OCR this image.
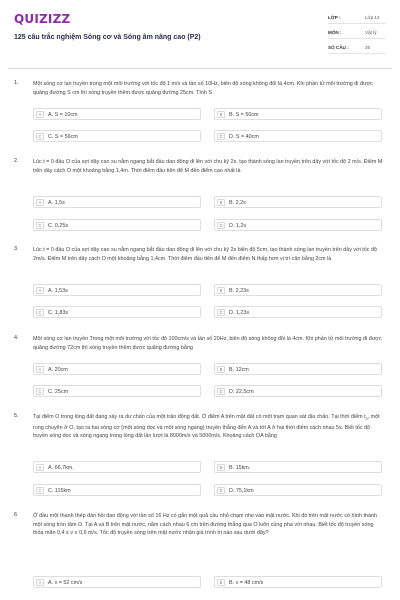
QUIZIZZ
125 câu trắc nghiệm Sóng cơ và Sóng âm nâng cao (P2)
LỚP :	Lớp 12
MÔN :	Vật lý
SỐ CÂU :	25
1.	Một sóng cơ lan truyền trong một môi trường với tốc độ 1 m/s và tần số 10Hz, biên độ sóng không đổi là 4cm. Khi phần tử môi trường đi được quãng đường S cm thì sóng truyền thêm được quãng đường 25cm. Tính S
A	A. S = 10cm	B	B. S = 50cm
C	C. S = 56cm	D	D. S = 40cm
2.	Lúc t = 0 đầu O của sợi dây cao su nằm ngang bắt đầu dao động đi lên với chu kỳ 2s, tạo thành sóng lan truyền trên dây với tốc độ 2 m/s. Điểm M trên dây cách O một khoảng bằng 1,4m. Thời điểm đầu tiên để M đến điểm cao nhất là
A	A. 1,5s	B	B. 2,2s
C	C. 0,25s	D	D. 1,2s
3.	Lúc t = 0 đầu O của sợi dây cao su nằm ngang bắt đầu dao động đi lên với chu kỳ 2s biên độ 5cm, tạo thành sóng lan truyền trên dây với tốc độ 2m/s. Điểm M trên dây cách O một khoảng bằng 1,4cm. Thời điểm đầu tiên để M đến điểm N thấp hơn vị trí cân bằng 2cm là
A	A. 1,53s	B	B. 2,23s
C	C. 1,83s	D	D. 1,23s
4.	Một sóng cơ lan truyền Trong một môi trường với tốc độ 100cm/s và tần số 20Hz, biên độ sóng không đổi là 4cm. Khi phần tử môi trường đi được quãng đường 72cm thì sóng truyền thêm được quãng đường bằng
A	A. 20cm	B	B. 12cm
C	C. 25cm	D	D. 22,5cm
5.	Tại điểm O trong lòng đất đang xảy ra dư chấn của một trận động đất. Ở điểm A trên mặt đất có một trạm quan sát địa chấn. Tại thời điểm $t_0$, một rung chuyển ở O, tạo ra hai sóng cơ (một sóng dọc và một sóng ngang) truyền thẳng đến A và tới A ở hai thời điểm cách nhau 5s. Biết tốc độ truyền sóng dọc và sóng ngang trong lòng đất lần lượt là 8000m/s và 5000m/s. Khoảng cách OA bằng
A	A. 66,7km.	B	B. 15km.
C	C. 115km	D	D. 75,1km
6.	Ở đầu một thanh thép đàn hồi dao động với tần số 16 Hz có gắn một quả cầu nhỏ chạm nhẹ vào mặt nước. Khi đó trên mặt nước có hình thành một sóng tròn tâm O. Tại A và B trên mặt nước, nằm cách nhau 6 cm trên đường thẳng qua O luôn cùng pha với nhau. Biết tốc độ truyền sóng thỏa mãn 0,4 ≤ v ≤ 0,6 m/s. Tốc độ truyền sóng trên mặt nước nhận giá trình trị nào sau dưới đây?
A	A. v = 52 cm/s	B	B. v = 48 cm/s
